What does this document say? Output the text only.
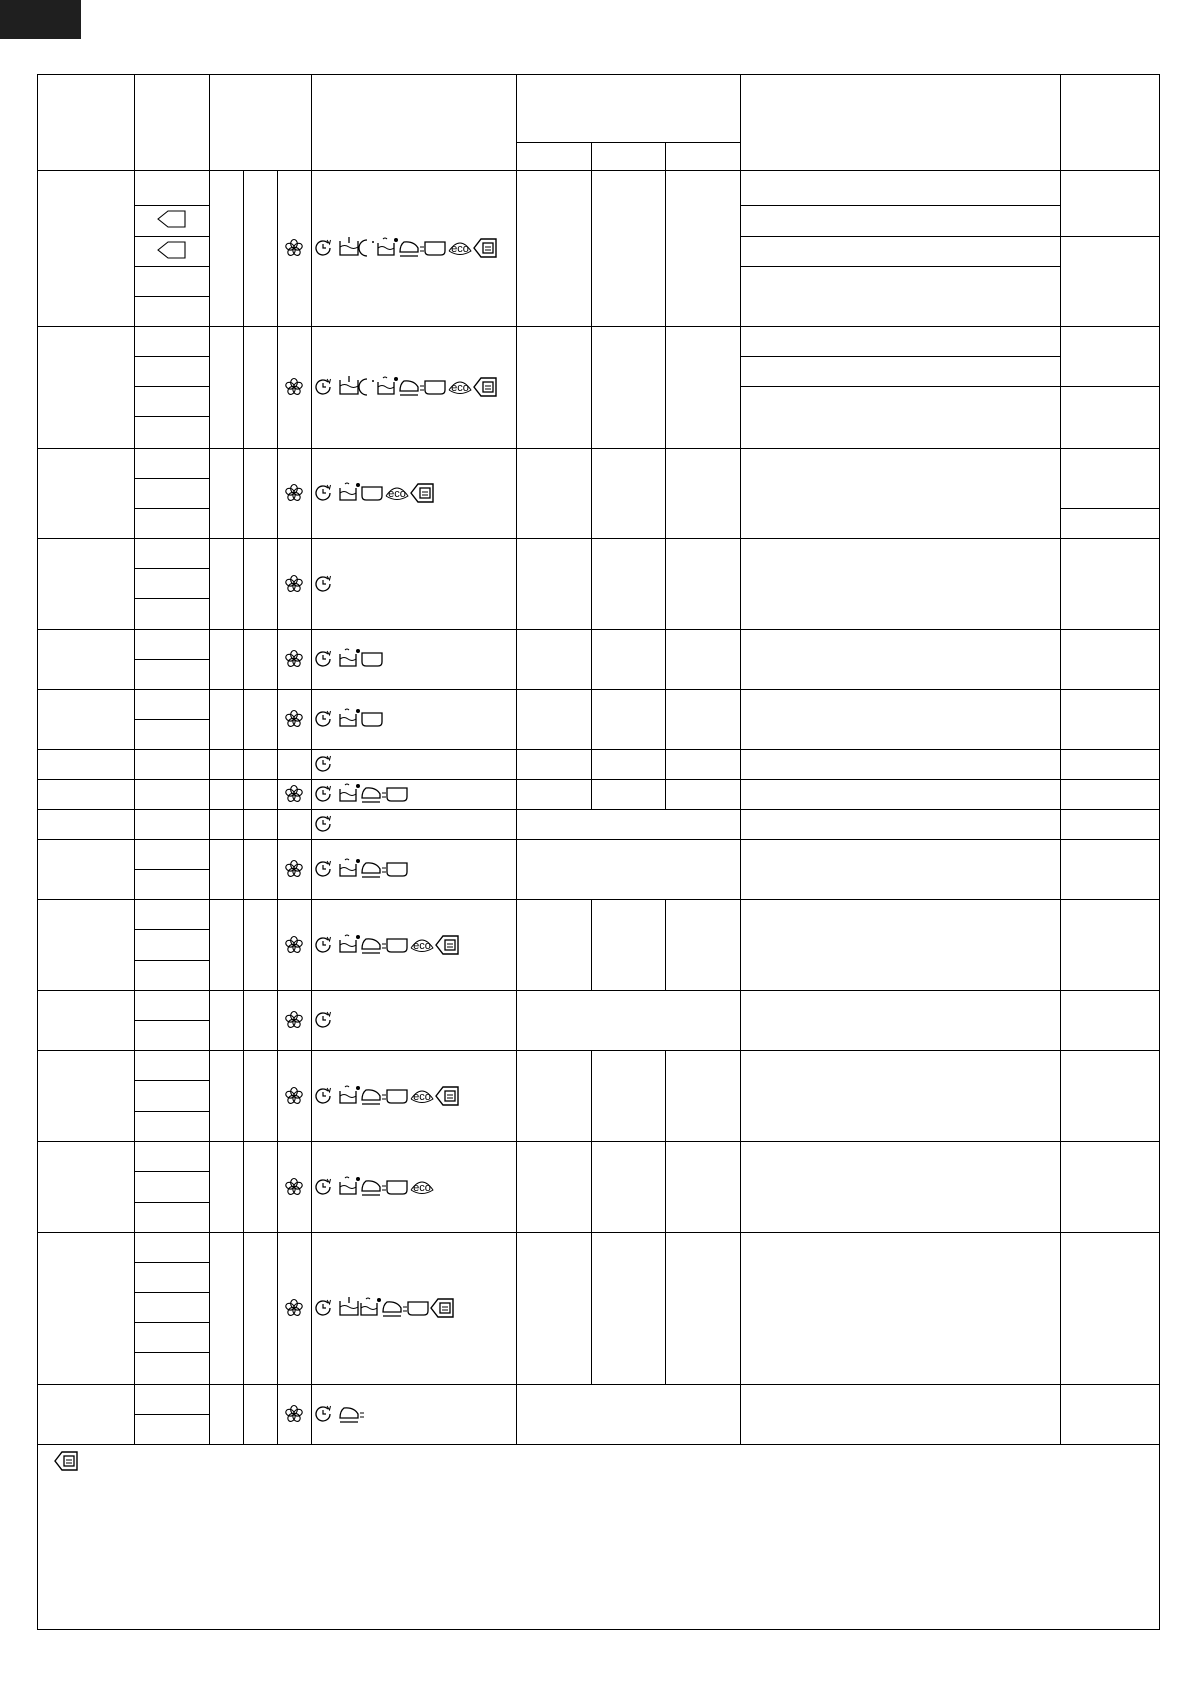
eco
eco
eco
eco
eco
eco
